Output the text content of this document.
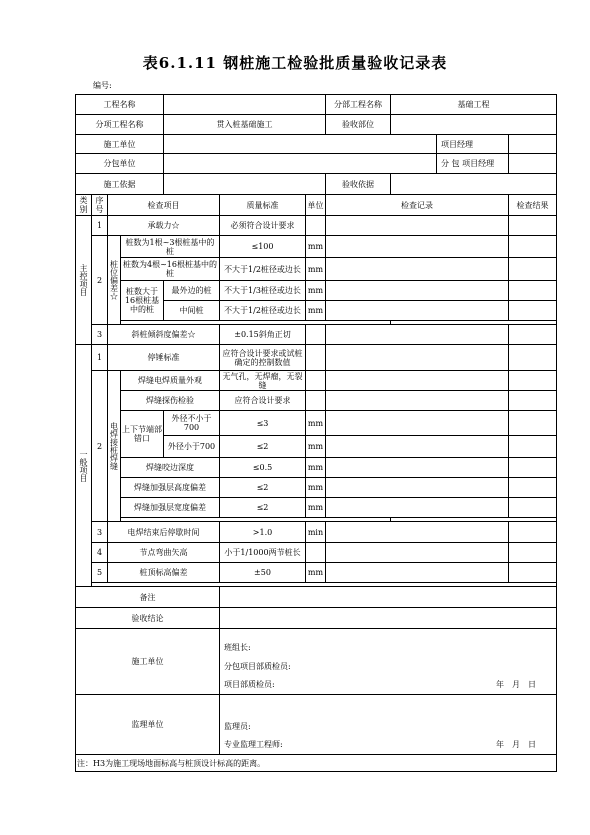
表6.1.11 钢桩施工检验批质量验收记录表
编号:
工程名称							分部工程名称	基础工程			
分项工程名称				贯入桩基础施工			验收部位				
施工单位									项目经理		
分包单位									分 包 项目经理		
施工依据							验收依据				
类别	序号	检查项目			质量标准	单位	检查记录			检查结果	
主控项目	1	承载力☆			必须符合设计要求						
	2	桩位偏差☆	桩数为1根~3根桩基中的桩		≤100	mm					
			桩数为4根~16根桩基中的桩		不大于1/2桩径或边长	mm					
			桩数大于16根桩基中的桩	最外边的桩	不大于1/3桩径或边长	mm					
				中间桩	不大于1/2桩径或边长	mm					

	3	斜桩倾斜度偏差☆			±0.15斜角正切						
一般项目	1	停锤标准			应符合设计要求或试桩确定的控制数值						
	2	电焊接桩焊缝	焊缝电焊质量外观		无气孔，无焊瘤，无裂缝						
			焊缝探伤检验		应符合设计要求						
			上下节端部错口	外径不小于700	≤3	mm					
				外径小于700	≤2	mm					
			焊缝咬边深度		≤0.5	mm					
			焊缝加强层高度偏差		≤2	mm					
			焊缝加强层宽度偏差		≤2	mm					

	3	电焊结束后停歇时间			>1.0	min					
	4	节点弯曲矢高			小于1/1000两节桩长						
	5	桩顶标高偏差			±50	mm					

备注											
验收结论											
施工单位					班组长:
分包项目部质检员:
项目部质检员: 年　月　日						

监理单位					监理员:
专业监理工程师: 年　月　日						

注：H3为施工现场地面标高与桩顶设计标高的距离。											
